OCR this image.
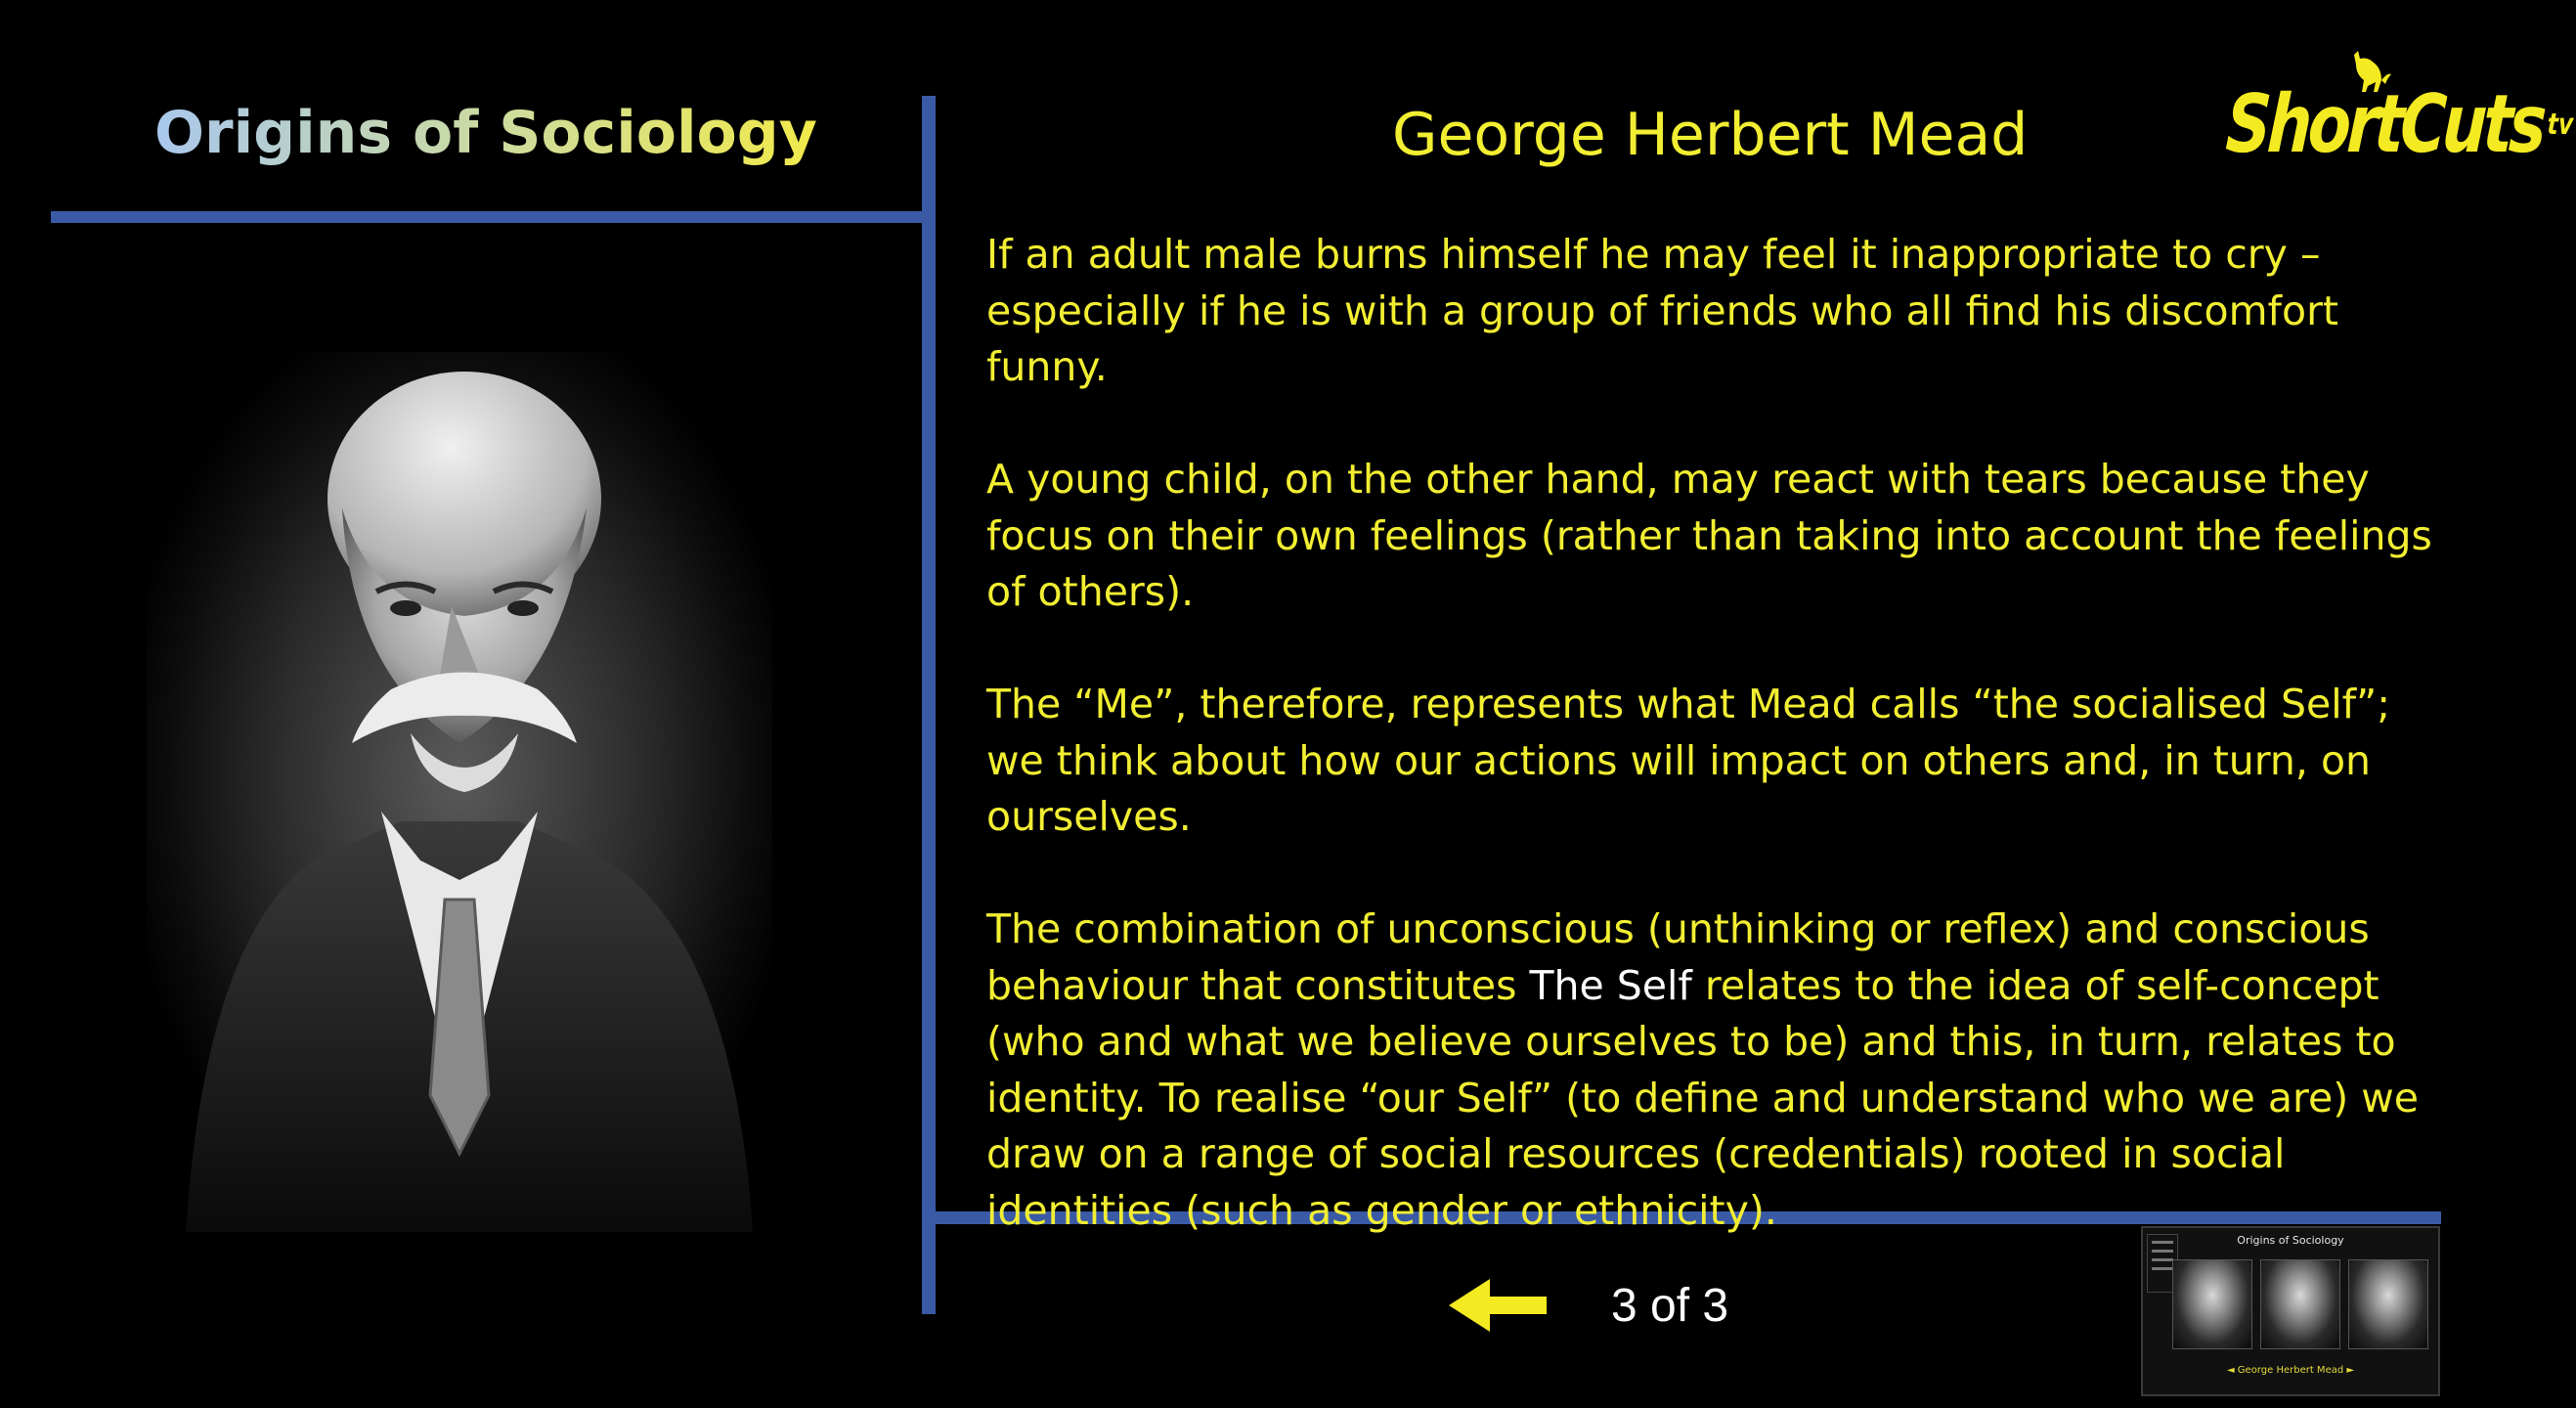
Origins of Sociology	George Herbert Mead ShortCuts$^{tv}$

If an adult male burns himself he may feel it inappropriate to cry – especially if he is with a group of friends who all find his discomfort funny.

A young child, on the other hand, may react with tears because they focus on their own feelings (rather than taking into account the feelings of others).

The “Me”, therefore, represents what Mead calls “the socialised Self”; we think about how our actions will impact on others and, in turn, on ourselves.

The combination of unconscious (unthinking or reflex) and conscious behaviour that constitutes The Self relates to the idea of self-concept (who and what we believe ourselves to be) and this, in turn, relates to identity. To realise “our Self” (to define and understand who we are) we draw on a range of social resources (credentials) rooted in social identities (such as gender or ethnicity).

3 of 3
Origins of Sociology
◄ George Herbert Mead ►
